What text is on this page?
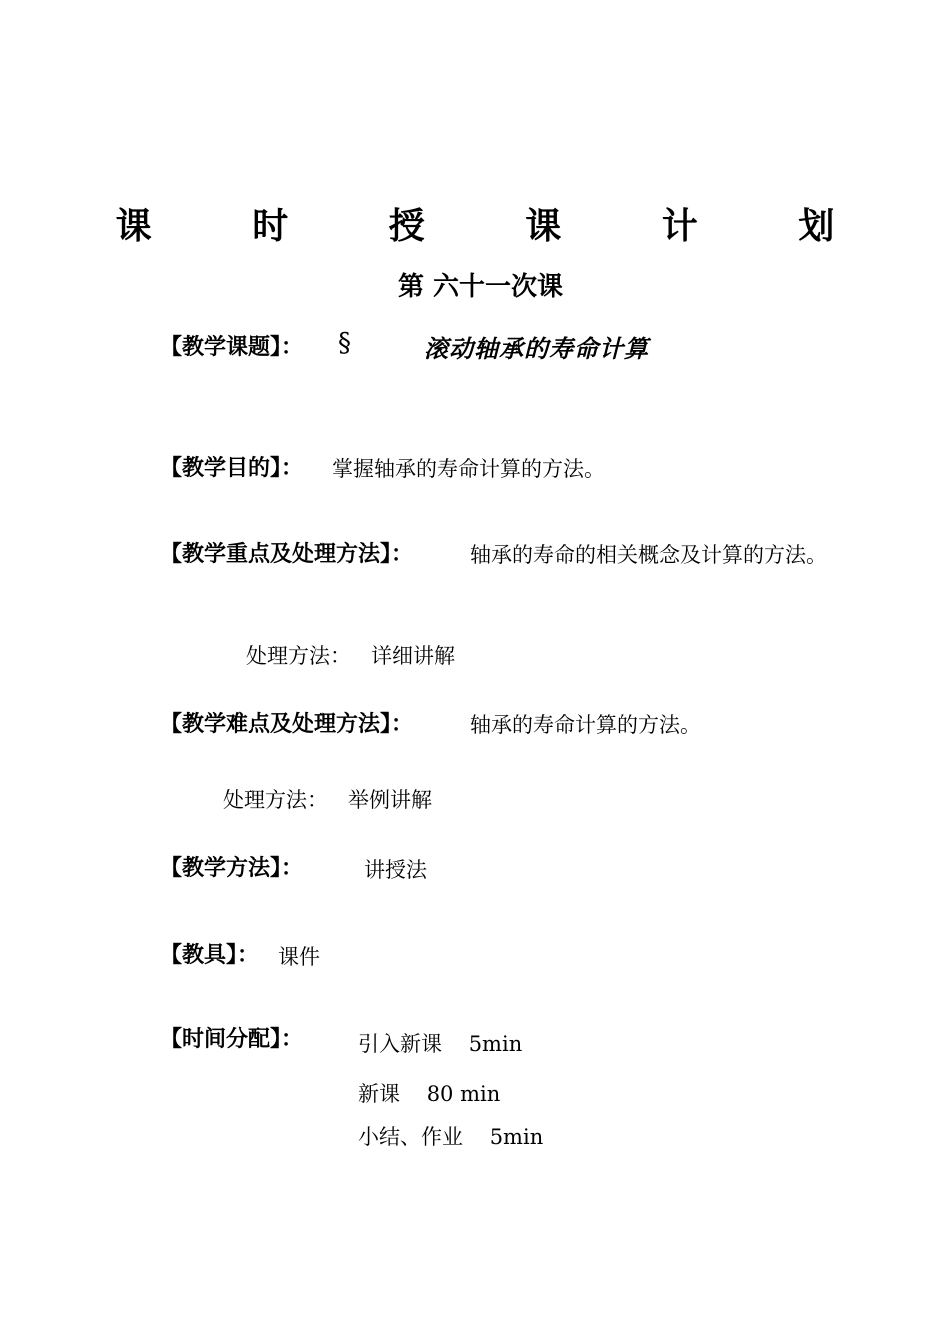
课 时 授 课 计 划
第 六十一次课
【教学课题】： §	滚动轴承的寿命计算
【教学目的】： 掌握轴承的寿命计算的方法。
【教学重点及处理方法】：	轴承的寿命的相关概念及计算的方法。
处理方法：   详细讲解
【教学难点及处理方法】：	轴承的寿命计算的方法。
处理方法：   举例讲解
【教学方法】：	讲授法
【教具】： 课件
【时间分配】：	引入新课    5min
新课    80 min
小结、作业    5min
